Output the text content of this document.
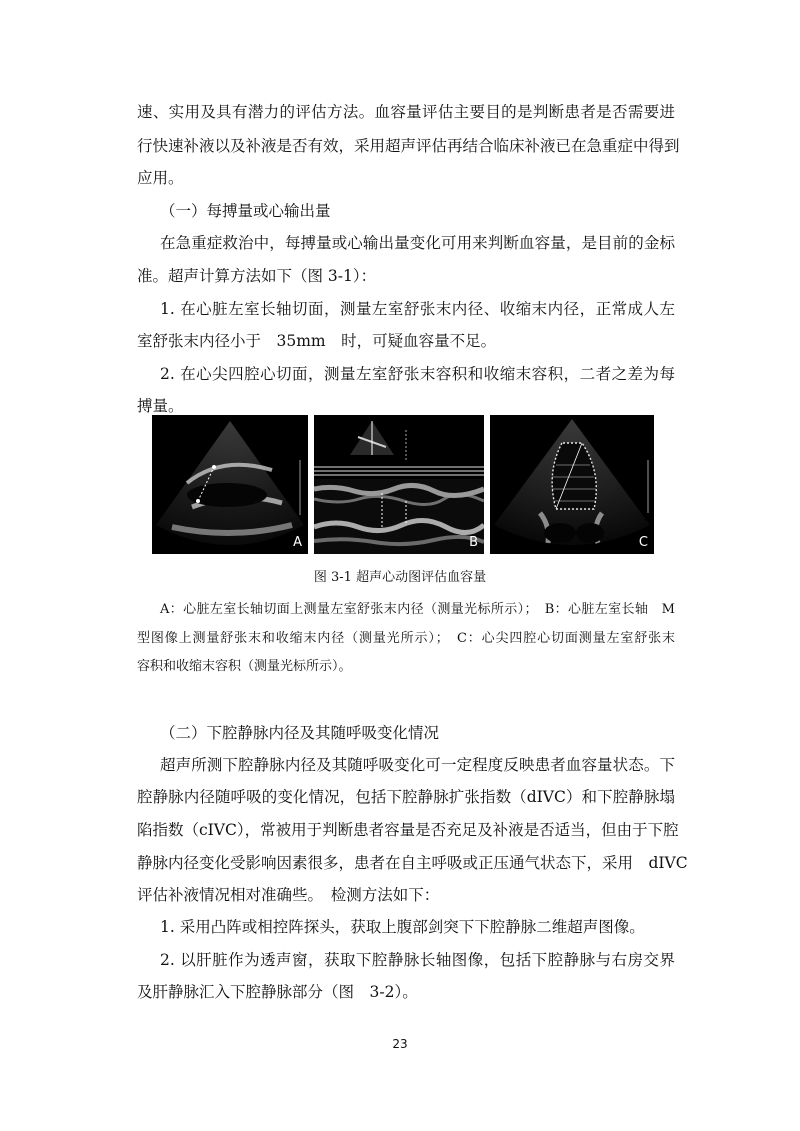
速、实用及具有潜力的评估方法。血容量评估主要目的是判断患者是否需要进
行快速补液以及补液是否有效，采用超声评估再结合临床补液已在急重症中得到
应用。
（一）每搏量或心输出量
在急重症救治中，每搏量或心输出量变化可用来判断血容量，是目前的金标
准。超声计算方法如下（图 3-1）：
1. 在心脏左室长轴切面，测量左室舒张末内径、收缩末内径，正常成人左
室舒张末内径小于　35mm　时，可疑血容量不足。
2. 在心尖四腔心切面，测量左室舒张末容积和收缩末容积，二者之差为每
搏量。
A	B	C
图 3-1 超声心动图评估血容量
A：心脏左室长轴切面上测量左室舒张末内径（测量光标所示）；　B：心脏左室长轴　M
型图像上测量舒张末和收缩末内径（测量光所示）；　C：心尖四腔心切面测量左室舒张末
容积和收缩末容积（测量光标所示）。
（二）下腔静脉内径及其随呼吸变化情况
超声所测下腔静脉内径及其随呼吸变化可一定程度反映患者血容量状态。下
腔静脉内径随呼吸的变化情况，包括下腔静脉扩张指数（dIVC）和下腔静脉塌
陷指数（cIVC），常被用于判断患者容量是否充足及补液是否适当，但由于下腔
静脉内径变化受影响因素很多，患者在自主呼吸或正压通气状态下，采用　dIVC
评估补液情况相对准确些。　检测方法如下：
1. 采用凸阵或相控阵探头，获取上腹部剑突下下腔静脉二维超声图像。
2. 以肝脏作为透声窗，获取下腔静脉长轴图像，包括下腔静脉与右房交界
及肝静脉汇入下腔静脉部分（图　3-2）。
23
